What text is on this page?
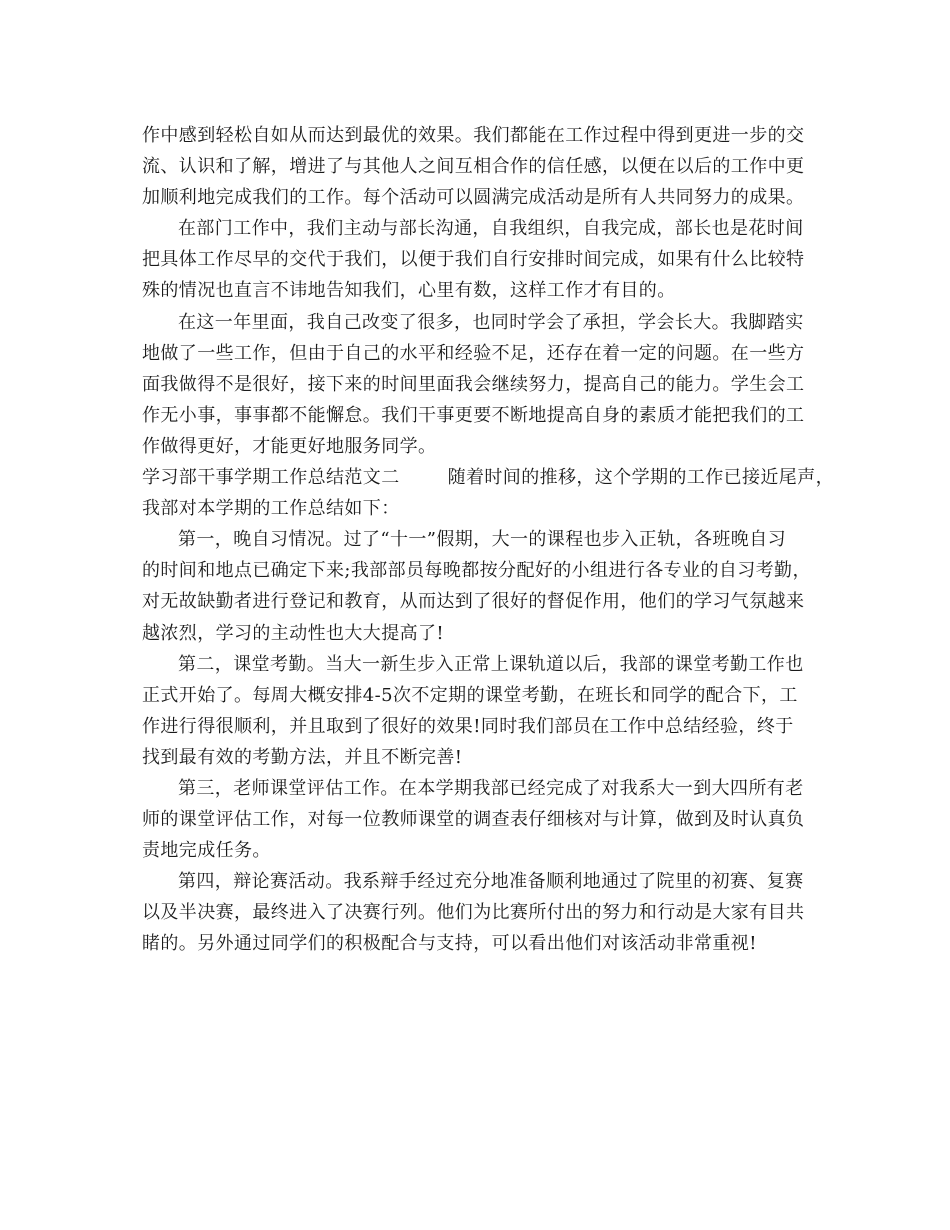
作中感到轻松自如从而达到最优的效果。我们都能在工作过程中得到更进一步的交
流、认识和了解，增进了与其他人之间互相合作的信任感，以便在以后的工作中更
加顺利地完成我们的工作。每个活动可以圆满完成活动是所有人共同努力的成果。
在部门工作中，我们主动与部长沟通，自我组织，自我完成，部长也是花时间
把具体工作尽早的交代于我们，以便于我们自行安排时间完成，如果有什么比较特
殊的情况也直言不讳地告知我们，心里有数，这样工作才有目的。
在这一年里面，我自己改变了很多，也同时学会了承担，学会长大。我脚踏实
地做了一些工作，但由于自己的水平和经验不足，还存在着一定的问题。在一些方
面我做得不是很好，接下来的时间里面我会继续努力，提高自己的能力。学生会工
作无小事，事事都不能懈怠。我们干事更要不断地提高自身的素质才能把我们的工
作做得更好，才能更好地服务同学。
学习部干事学期工作总结范文二	随着时间的推移，这个学期的工作已接近尾声，
我部对本学期的工作总结如下：
第一，晚自习情况。过了“十一”假期，大一的课程也步入正轨，各班晚自习
的时间和地点已确定下来;我部部员每晚都按分配好的小组进行各专业的自习考勤，
对无故缺勤者进行登记和教育，从而达到了很好的督促作用，他们的学习气氛越来
越浓烈，学习的主动性也大大提高了!
第二，课堂考勤。当大一新生步入正常上课轨道以后，我部的课堂考勤工作也
正式开始了。每周大概安排4-5次不定期的课堂考勤，在班长和同学的配合下，工
作进行得很顺利，并且取到了很好的效果!同时我们部员在工作中总结经验，终于
找到最有效的考勤方法，并且不断完善!
第三，老师课堂评估工作。在本学期我部已经完成了对我系大一到大四所有老
师的课堂评估工作，对每一位教师课堂的调查表仔细核对与计算，做到及时认真负
责地完成任务。
第四，辩论赛活动。我系辩手经过充分地准备顺利地通过了院里的初赛、复赛
以及半决赛，最终进入了决赛行列。他们为比赛所付出的努力和行动是大家有目共
睹的。另外通过同学们的积极配合与支持，可以看出他们对该活动非常重视!
